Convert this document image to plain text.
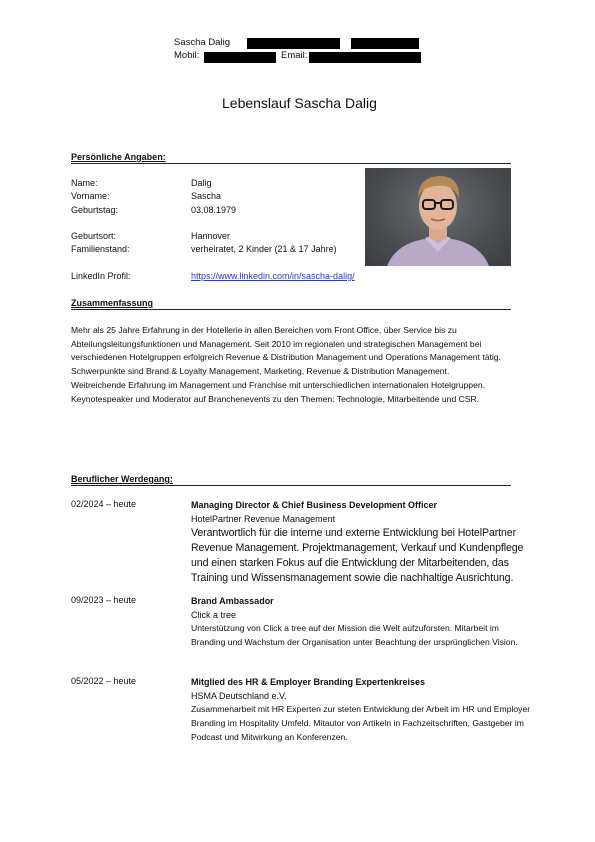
Sascha Dalig
Mobil:	Email:
Lebenslauf Sascha Dalig
Persönliche Angaben:
Name:	Dalig
Vorname:	Sascha
Geburtstag:	03.08.1979
Geburtsort:	Hannover
Familienstand:	verheiratet, 2 Kinder (21 & 17 Jahre)
LinkedIn Profil:	https://www.linkedin.com/in/sascha-dalig/
Zusammenfassung
Mehr als 25 Jahre Erfahrung in der Hotellerie in allen Bereichen vom Front Office, über Service bis zu Abteilungsleitungsfunktionen und Management. Seit 2010 im regionalen und strategischen Management bei verschiedenen Hotelgruppen erfolgreich Revenue & Distribution Management und Operations Management tätig.
Schwerpunkte sind Brand & Loyalty Management, Marketing, Revenue & Distribution Management.
Weitreichende Erfahrung im Management und Franchise mit unterschiedlichen internationalen Hotelgruppen.
Keynotespeaker und Moderator auf Branchenevents zu den Themen: Technologie, Mitarbeitende und CSR.
Beruflicher Werdegang:
02/2024 – heute	Managing Director & Chief Business Development Officer
HotelPartner Revenue Management
Verantwortlich für die interne und externe Entwicklung bei HotelPartner Revenue Management. Projektmanagement, Verkauf und Kundenpflege und einen starken Fokus auf die Entwicklung der Mitarbeitenden, das Training und Wissensmanagement sowie die nachhaltige Ausrichtung.
09/2023 – heute	Brand Ambassador
Click a tree
Unterstützung von Click a tree auf der Mission die Welt aufzuforsten. Mitarbeit im Branding und Wachstum der Organisation unter Beachtung der ursprünglichen Vision.
05/2022 – heute	Mitglied des HR & Employer Branding Expertenkreises
HSMA Deutschland e.V.
Zusammenarbeit mit HR Experten zur steten Entwicklung der Arbeit im HR und Employer Branding im Hospitality Umfeld. Mitautor von Artikeln in Fachzeitschriften, Gastgeber im Podcast und Mitwirkung an Konferenzen.
